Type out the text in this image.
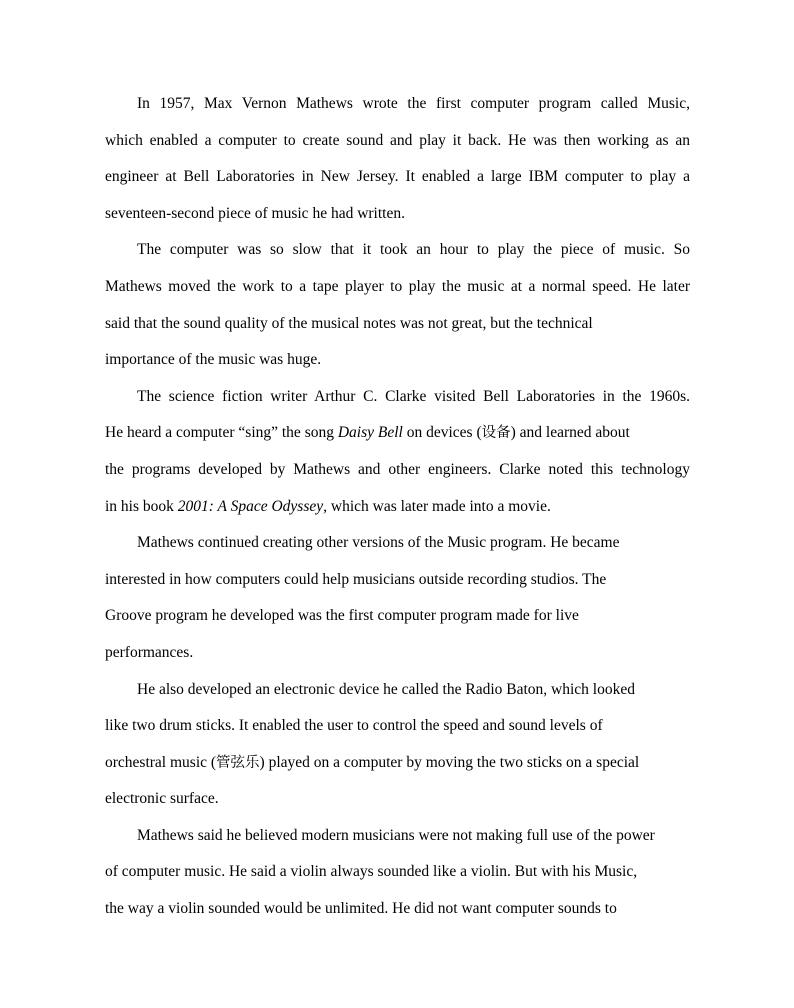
In 1957, Max Vernon Mathews wrote the first computer program called Music,
which enabled a computer to create sound and play it back. He was then working as an
engineer at Bell Laboratories in New Jersey. It enabled a large IBM computer to play a
seventeen-second piece of music he had written.
The computer was so slow that it took an hour to play the piece of music. So
Mathews moved the work to a tape player to play the music at a normal speed. He later
said that the sound quality of the musical notes was not great, but the technical
importance of the music was huge.
The science fiction writer Arthur C. Clarke visited Bell Laboratories in the 1960s.
He heard a computer “sing” the song Daisy Bell on devices (设备) and learned about
the programs developed by Mathews and other engineers. Clarke noted this technology
in his book 2001: A Space Odyssey, which was later made into a movie.
Mathews continued creating other versions of the Music program. He became
interested in how computers could help musicians outside recording studios. The
Groove program he developed was the first computer program made for live
performances.
He also developed an electronic device he called the Radio Baton, which looked
like two drum sticks. It enabled the user to control the speed and sound levels of
orchestral music (管弦乐) played on a computer by moving the two sticks on a special
electronic surface.
Mathews said he believed modern musicians were not making full use of the power
of computer music. He said a violin always sounded like a violin. But with his Music,
the way a violin sounded would be unlimited. He did not want computer sounds to
